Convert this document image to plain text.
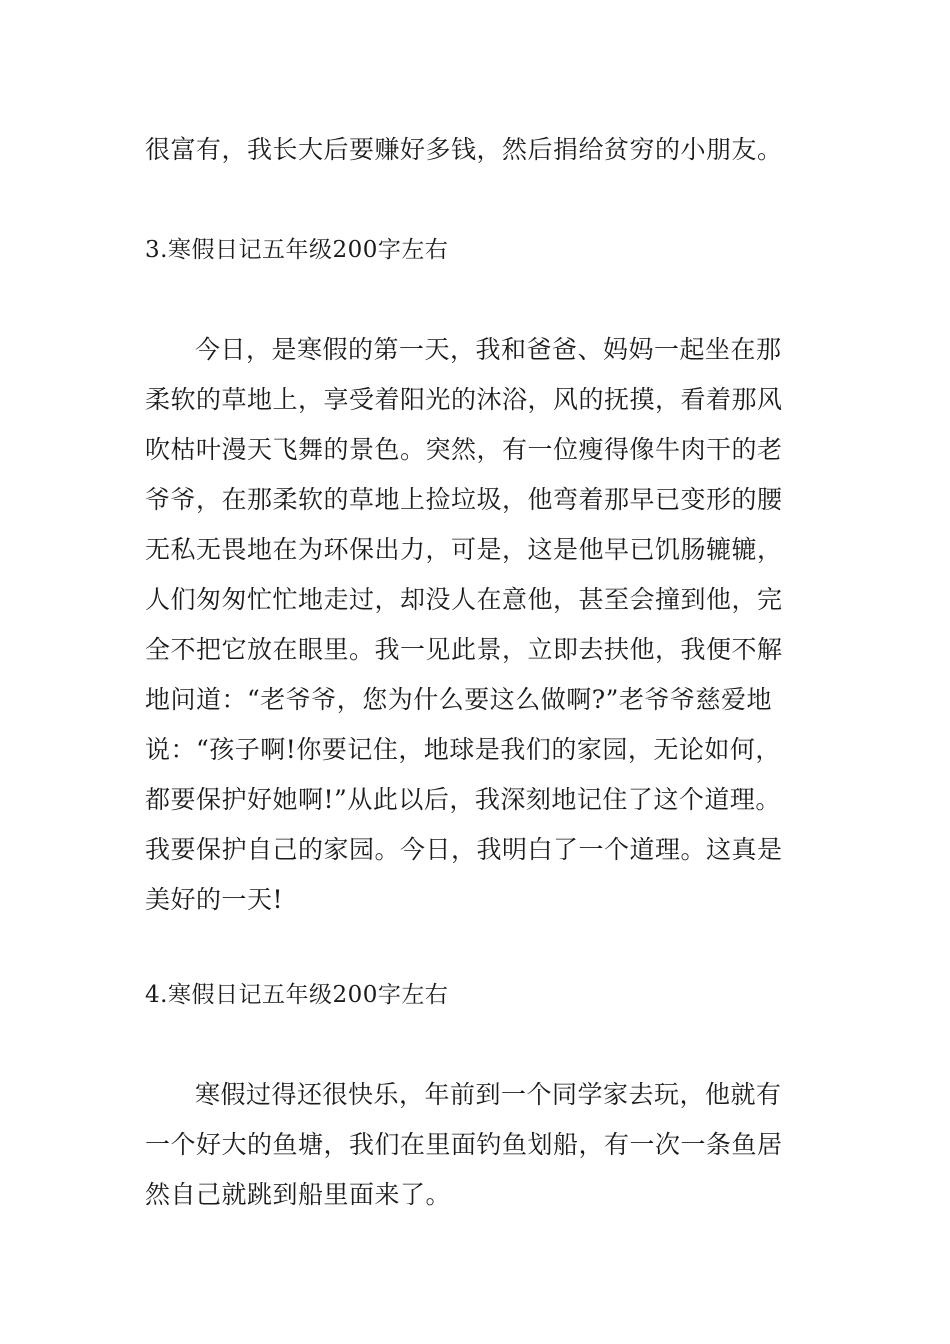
很富有，我长大后要赚好多钱，然后捐给贫穷的小朋友。
3.寒假日记五年级200字左右
今日，是寒假的第一天，我和爸爸、妈妈一起坐在那
柔软的草地上，享受着阳光的沐浴，风的抚摸，看着那风
吹枯叶漫天飞舞的景色。突然，有一位瘦得像牛肉干的老
爷爷，在那柔软的草地上捡垃圾，他弯着那早已变形的腰
无私无畏地在为环保出力，可是，这是他早已饥肠辘辘，
人们匆匆忙忙地走过，却没人在意他，甚至会撞到他，完
全不把它放在眼里。我一见此景，立即去扶他，我便不解
地问道：“老爷爷，您为什么要这么做啊?”老爷爷慈爱地
说：“孩子啊!你要记住，地球是我们的家园，无论如何，
都要保护好她啊!”从此以后，我深刻地记住了这个道理。
我要保护自己的家园。今日，我明白了一个道理。这真是
美好的一天!
4.寒假日记五年级200字左右
寒假过得还很快乐，年前到一个同学家去玩，他就有
一个好大的鱼塘，我们在里面钓鱼划船，有一次一条鱼居
然自己就跳到船里面来了。
